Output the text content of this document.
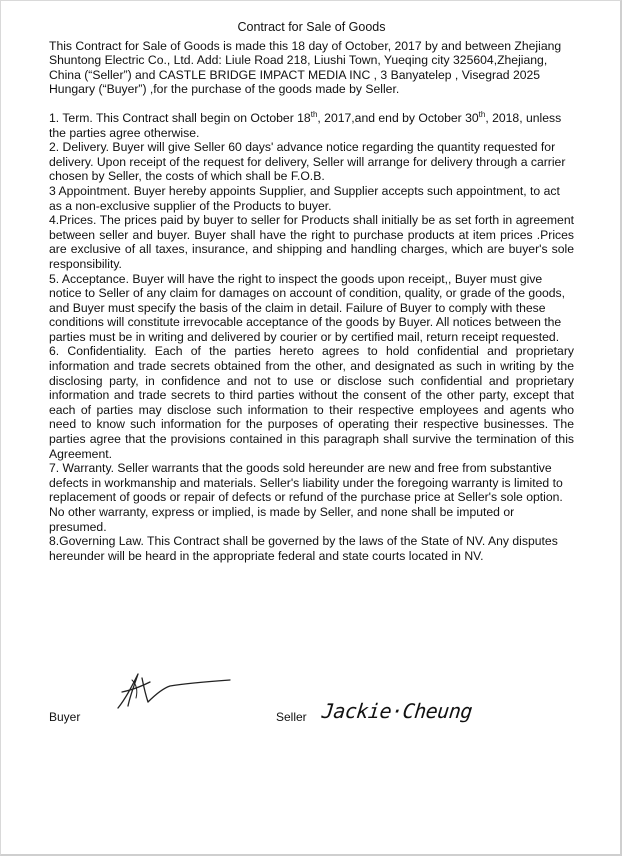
Contract for Sale of Goods

This Contract for Sale of Goods is made this 18 day of October, 2017 by and between Zhejiang Shuntong Electric Co., Ltd. Add: Liule Road 218, Liushi Town, Yueqing city 325604,Zhejiang, China (“Seller”) and CASTLE BRIDGE IMPACT MEDIA INC , 3 Banyatelep , Visegrad 2025 Hungary (“Buyer”) ,for the purchase of the goods made by Seller.

1. Term. This Contract shall begin on October 18th, 2017,and end by October 30th, 2018, unless the parties agree otherwise.

2. Delivery. Buyer will give Seller 60 days' advance notice regarding the quantity requested for delivery. Upon receipt of the request for delivery, Seller will arrange for delivery through a carrier chosen by Seller, the costs of which shall be F.O.B.

3 Appointment. Buyer hereby appoints Supplier, and Supplier accepts such appointment, to act as a non-exclusive supplier of the Products to buyer.

4.Prices. The prices paid by buyer to seller for Products shall initially be as set forth in agreement between seller and buyer. Buyer shall have the right to purchase products at item prices .Prices are exclusive of all taxes, insurance, and shipping and handling charges, which are buyer's sole responsibility.

5. Acceptance. Buyer will have the right to inspect the goods upon receipt,, Buyer must give notice to Seller of any claim for damages on account of condition, quality, or grade of the goods, and Buyer must specify the basis of the claim in detail. Failure of Buyer to comply with these conditions will constitute irrevocable acceptance of the goods by Buyer. All notices between the parties must be in writing and delivered by courier or by certified mail, return receipt requested.

6. Confidentiality. Each of the parties hereto agrees to hold confidential and proprietary information and trade secrets obtained from the other, and designated as such in writing by the disclosing party, in confidence and not to use or disclose such confidential and proprietary information and trade secrets to third parties without the consent of the other party, except that each of parties may disclose such information to their respective employees and agents who need to know such information for the purposes of operating their respective businesses. The parties agree that the provisions contained in this paragraph shall survive the termination of this Agreement.

7. Warranty. Seller warrants that the goods sold hereunder are new and free from substantive defects in workmanship and materials. Seller's liability under the foregoing warranty is limited to replacement of goods or repair of defects or refund of the purchase price at Seller's sole option. No other warranty, express or implied, is made by Seller, and none shall be imputed or presumed.

8.Governing Law. This Contract shall be governed by the laws of the State of NV. Any disputes hereunder will be heard in the appropriate federal and state courts located in NV.

Buyer	Seller Jackie·Cheung
